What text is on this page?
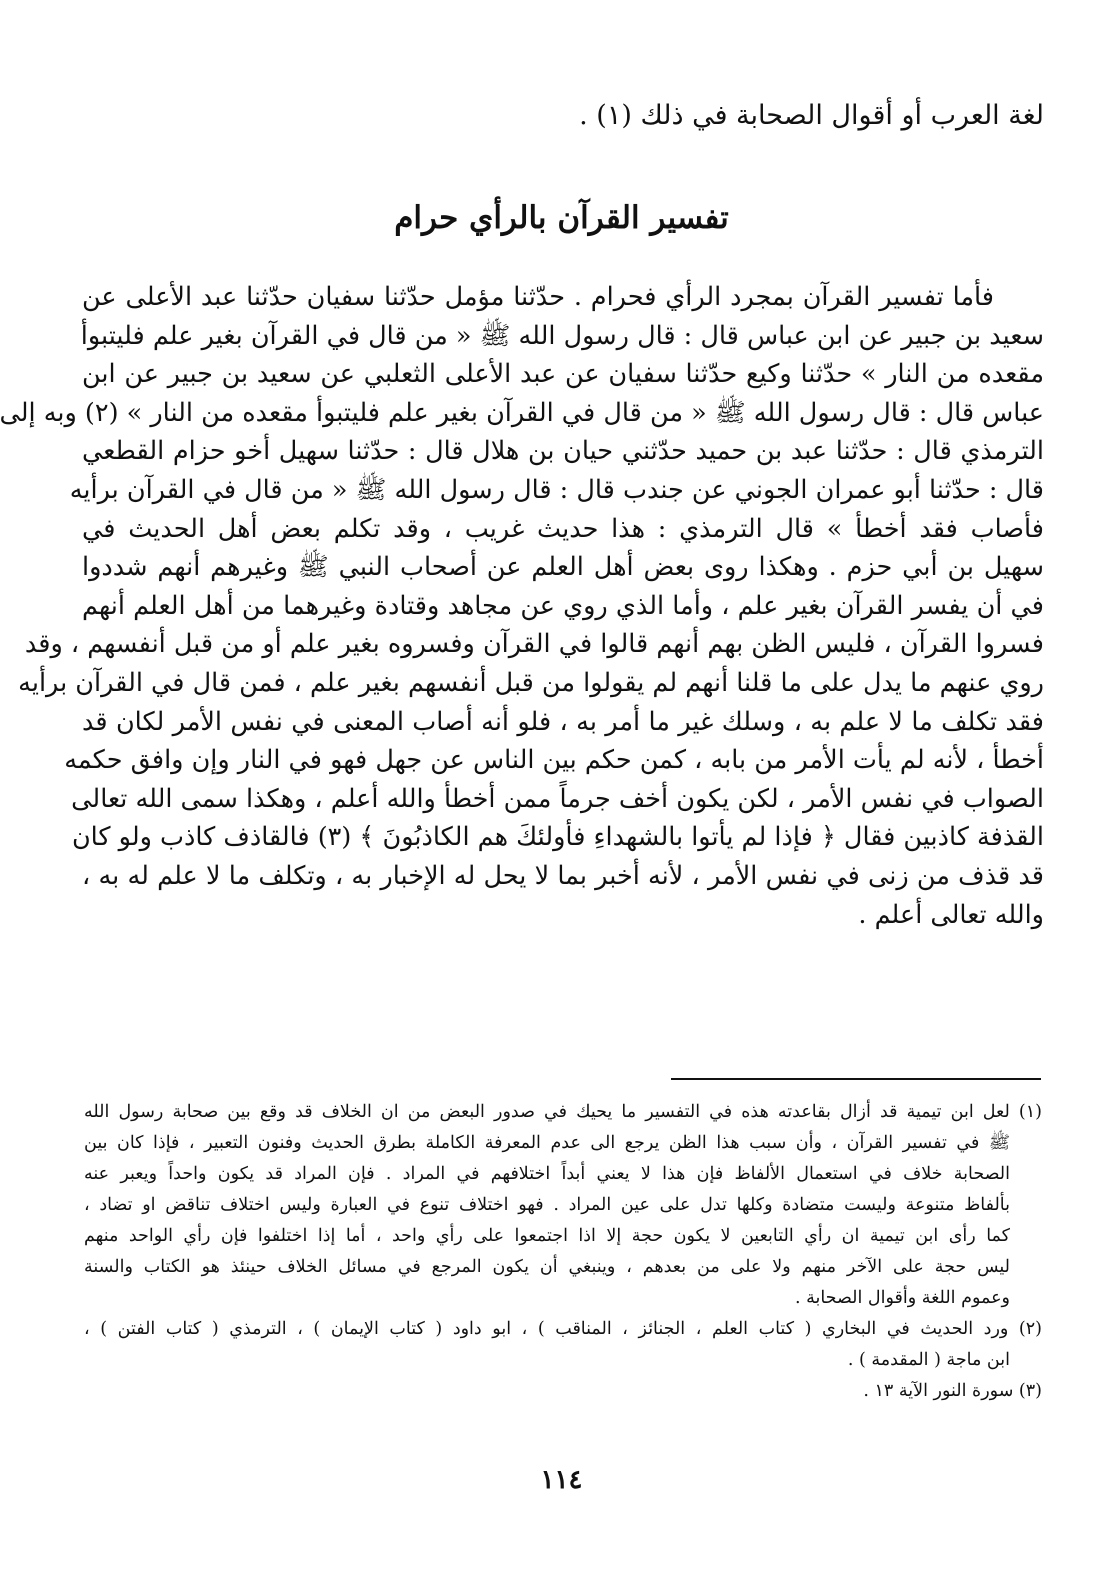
لغة العرب أو أقوال الصحابة في ذلك (١) .
تفسير القرآن بالرأي حرام
فأما تفسير القرآن بمجرد الرأي فحرام . حدّثنا مؤمل حدّثنا سفيان حدّثنا عبد الأعلى عن
سعيد بن جبير عن ابن عباس قال : قال رسول الله ﷺ « من قال في القرآن بغير علم فليتبوأ
مقعده من النار » حدّثنا وكيع حدّثنا سفيان عن عبد الأعلى الثعلبي عن سعيد بن جبير عن ابن
عباس قال : قال رسول الله ﷺ « من قال في القرآن بغير علم فليتبوأ مقعده من النار » (٢) وبه إلى
الترمذي قال : حدّثنا عبد بن حميد حدّثني حيان بن هلال قال : حدّثنا سهيل أخو حزام القطعي
قال : حدّثنا أبو عمران الجوني عن جندب قال : قال رسول الله ﷺ « من قال في القرآن برأيه
فأصاب فقد أخطأ » قال الترمذي : هذا حديث غريب ، وقد تكلم بعض أهل الحديث في
سهيل بن أبي حزم . وهكذا روى بعض أهل العلم عن أصحاب النبي ﷺ وغيرهم أنهم شددوا
في أن يفسر القرآن بغير علم ، وأما الذي روي عن مجاهد وقتادة وغيرهما من أهل العلم أنهم
فسروا القرآن ، فليس الظن بهم أنهم قالوا في القرآن وفسروه بغير علم أو من قبل أنفسهم ، وقد
روي عنهم ما يدل على ما قلنا أنهم لم يقولوا من قبل أنفسهم بغير علم ، فمن قال في القرآن برأيه
فقد تكلف ما لا علم به ، وسلك غير ما أمر به ، فلو أنه أصاب المعنى في نفس الأمر لكان قد
أخطأ ، لأنه لم يأت الأمر من بابه ، كمن حكم بين الناس عن جهل فهو في النار وإن وافق حكمه
الصواب في نفس الأمر ، لكن يكون أخف جرماً ممن أخطأ والله أعلم ، وهكذا سمى الله تعالى
القذفة كاذبين فقال ﴿ فإذا لم يأتوا بالشهداءِ فأولئكَ هم الكاذبُونَ ﴾ (٣) فالقاذف كاذب ولو كان
قد قذف من زنى في نفس الأمر ، لأنه أخبر بما لا يحل له الإخبار به ، وتكلف ما لا علم له به ،
والله تعالى أعلم .
(١) لعل ابن تيمية قد أزال بقاعدته هذه في التفسير ما يحيك في صدور البعض من ان الخلاف قد وقع بين صحابة رسول الله
ﷺ في تفسير القرآن ، وأن سبب هذا الظن يرجع الى عدم المعرفة الكاملة بطرق الحديث وفنون التعبير ، فإذا كان بين
الصحابة خلاف في استعمال الألفاظ فإن هذا لا يعني أبداً اختلافهم في المراد . فإن المراد قد يكون واحداً ويعبر عنه
بألفاظ متنوعة وليست متضادة وكلها تدل على عين المراد . فهو اختلاف تنوع في العبارة وليس اختلاف تناقض او تضاد ،
كما رأى ابن تيمية ان رأي التابعين لا يكون حجة إلا اذا اجتمعوا على رأي واحد ، أما إذا اختلفوا فإن رأي الواحد منهم
ليس حجة على الآخر منهم ولا على من بعدهم ، وينبغي أن يكون المرجع في مسائل الخلاف حينئذ هو الكتاب والسنة
وعموم اللغة وأقوال الصحابة .
(٢) ورد الحديث في البخاري ( كتاب العلم ، الجنائز ، المناقب ) ، ابو داود ( كتاب الإيمان ) ، الترمذي ( كتاب الفتن ) ،
ابن ماجة ( المقدمة ) .
(٣) سورة النور الآية ١٣ .
١١٤
